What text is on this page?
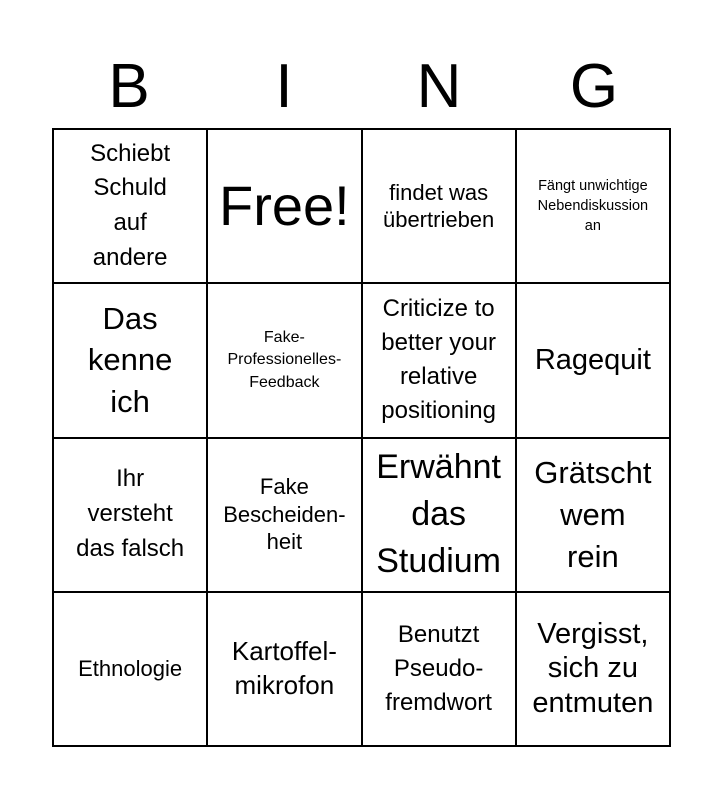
B	I	N	G
Schiebt
Schuld
auf
andere
Free! findet was
übertrieben
Fängt unwichtige
Nebendiskussion
an
Das
kenne
ich
Fake-
Professionelles-
Feedback
Criticize to
better your
relative
positioning
Ragequit
Ihr
versteht
das falsch
Fake
Bescheiden-
heit
Erwähnt
das
Studium
Grätscht
wem
rein
Ethnologie
Kartoffel-
mikrofon
Benutzt
Pseudo-
fremdwort
Vergisst,
sich zu
entmuten
